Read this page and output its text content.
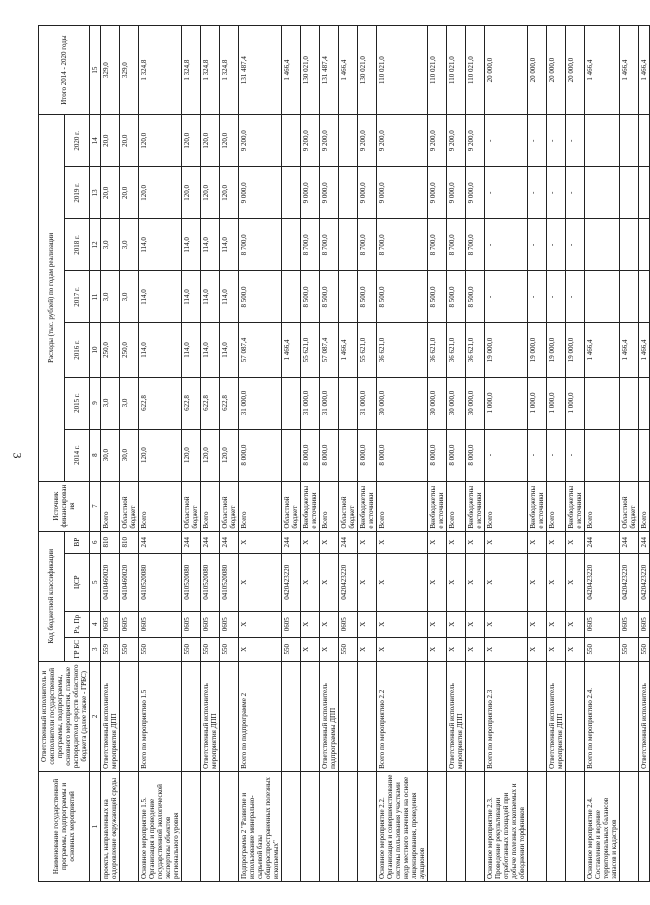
3
Наименование государственной программы, подпрограммы и основных мероприятий	Ответственный исполнитель и соисполнители государственной программы, подпрограммы, основного мероприятия, главные распорядители средств областного бюджета (далее также - ГРБС)	Код бюджетной классификации				Источник финансирования	Расходы (тыс. рублей) по годам реализации							Итого 2014 - 2020 годы
		ГР БС	Рз, Пр	ЦСР	ВР		2014 г.	2015 г.	2016 г.	2017 г.	2018 г.	2019 г.	2020 г.	
1	2	3	4	5	6	7	8	9	10	11	12	13	14	15
проекты, направленных на оздоровление окружающей среды	Ответственный исполнитель мероприятия ДПП	559	0605	0410460020	810	Всего	30,0	3,0	250,0	3,0	3,0	20,0	20,0	329,0
		550	0605	0410460020	810	Областной бюджет	30,0	3,0	250,0	3,0	3,0	20,0	20,0	329,0
Основное мероприятие 1.5. Организация и проведение государственной экологической экспертизы объектов регионального уровня	Всего по мероприятию 1.5	550	0605	0410520080	244	Всего	120,0	622,8	114,0	114,0	114,0	120,0	120,0	1 324,8
		550	0605	0410520080	244	Областной бюджет	120,0	622,8	114,0	114,0	114,0	120,0	120,0	1 324,8
	Ответственный исполнитель мероприятия ДПП	550	0605	0410520080	244	Всего	120,0	622,8	114,0	114,0	114,0	120,0	120,0	1 324,8
		550	0605	0410520080	244	Областной бюджет	120,0	622,8	114,0	114,0	114,0	120,0	120,0	1 324,8
Подпрограмма 2 "Развитие и использование минерально-сырьевой базы общераспространенных полезных ископаемых"	Всего по подпрограмме 2	X	X	X	X	Всего	8 000,0	31 000,0	57 087,4	8 500,0	8 700,0	9 000,0	9 200,0	131 487,4
		550	0605	0420423220	244	Областной бюджет			1 466,4					1 466,4
		X	X	X	X	Внебюджетные источники	8 000,0	31 000,0	55 621,0	8 500,0	8 700,0	9 000,0	9 200,0	130 021,0
	Ответственный исполнитель подпрограммы ДПП	X	X	X	X	Всего	8 000,0	31 000,0	57 087,4	8 500,0	8 700,0	9 000,0	9 200,0	131 487,4
		550	0605	0420423220	244	Областной бюджет			1 466,4					1 466,4
		X	X	X	X	Внебюджетные источники	8 000,0	31 000,0	55 621,0	8 500,0	8 700,0	9 000,0	9 200,0	130 021,0
Основное мероприятие 2.2. Организация и совершенствование системы пользования участками недр местного значения на основе лицензирования, проведения аукционов	Всего по мероприятию 2.2	X	X	X	X	Всего	8 000,0	30 000,0	36 621,0	8 500,0	8 700,0	9 000,0	9 200,0	110 021,0
		X	X	X	X	Внебюджетные источники	8 000,0	30 000,0	36 621,0	8 500,0	8 700,0	9 000,0	9 200,0	110 021,0
	Ответственный исполнитель мероприятия ДПП	X	X	X	X	Всего	8 000,0	30 000,0	36 621,0	8 500,0	8 700,0	9 000,0	9 200,0	110 021,0
		X	X	X	X	Внебюджетные источники	8 000,0	30 000,0	36 621,0	8 500,0	8 700,0	9 000,0	9 200,0	110 021,0
Основное мероприятие 2.3. Проведение рекультивации отработанных площадей при добыче полезных ископаемых и обводнении торфяников	Всего по мероприятию 2.3	X	X	X	X	Всего	-	1 000,0	19 000,0	-	-	-	-	20 000,0
		X	X	X	X	Внебюджетные источники	-	1 000,0	19 000,0	-	-	-	-	20 000,0
	Ответственный исполнитель мероприятия ДПП	X	X	X	X	Всего	-	1 000,0	19 000,0	-	-	-	-	20 000,0
		X	X	X	X	Внебюджетные источники	-	1 000,0	19 000,0	-	-	-	-	20 000,0
Основное мероприятие 2.4. Составление и ведение территориальных балансов запасов и кадастров	Всего по мероприятию 2.4.	550	0605	0420423220	244	Всего			1 466,4					1 466,4
		550	0605	0420423220	244	Областной бюджет			1 466,4					1 466,4
	Ответственный исполнитель	550	0605	0420423220	244	Всего			1 466,4					1 466,4
